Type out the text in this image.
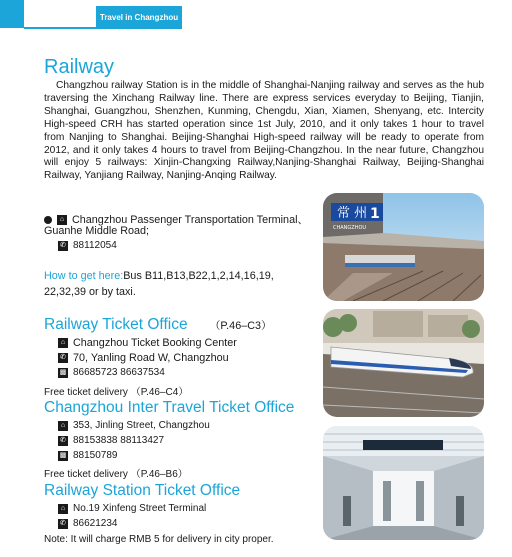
Travel in Changzhou
Railway
Changzhou railway Station is in the middle of Shanghai-Nanjing railway and serves as the hub traversing the Xinchang Railway line. There are express services everyday to Beijing, Tianjin, Shanghai, Guangzhou, Shenzhen, Kunming, Chengdu, Xian, Xiamen, Shenyang, etc. Intercity High-speed CRH has started operation since 1st July, 2010, and it only takes 1 hour to travel from Nanjing to Shanghai. Beijing-Shanghai High-speed railway will be ready to operate from 2012, and it only takes 4 hours to travel from Beijing-Changzhou. In the near future, Changzhou will enjoy 5 railways: Xinjin-Changxing Railway,Nanjing-Shanghai Railway, Beijing-Shanghai Railway, Yanjiang Railway, Nanjing-Anqing Railway.
⌂ Changzhou Passenger Transportation Terminal、
Guanhe Middle Road;
✆ 88112054
How to get here: Bus B11,B13,B22,1,2,14,16,19,
22,32,39 or by taxi.
Railway Ticket Office （P.46–C3）
⌂ Changzhou Ticket Booking Center
✆ 70, Yanling Road W, Changzhou
▩ 86685723 86637534
Free ticket delivery （P.46–C4）
Changzhou Inter Travel Ticket Office
⌂ 353, Jinling Street, Changzhou
✆ 88153838 88113427
▩ 88150789
Free ticket delivery （P.46–B6）
Railway Station Ticket Office
⌂ No.19 Xinfeng Street Terminal
✆ 86621234
Note: It will charge RMB 5 for delivery in city proper.
常 州 1
CHANGZHOU
